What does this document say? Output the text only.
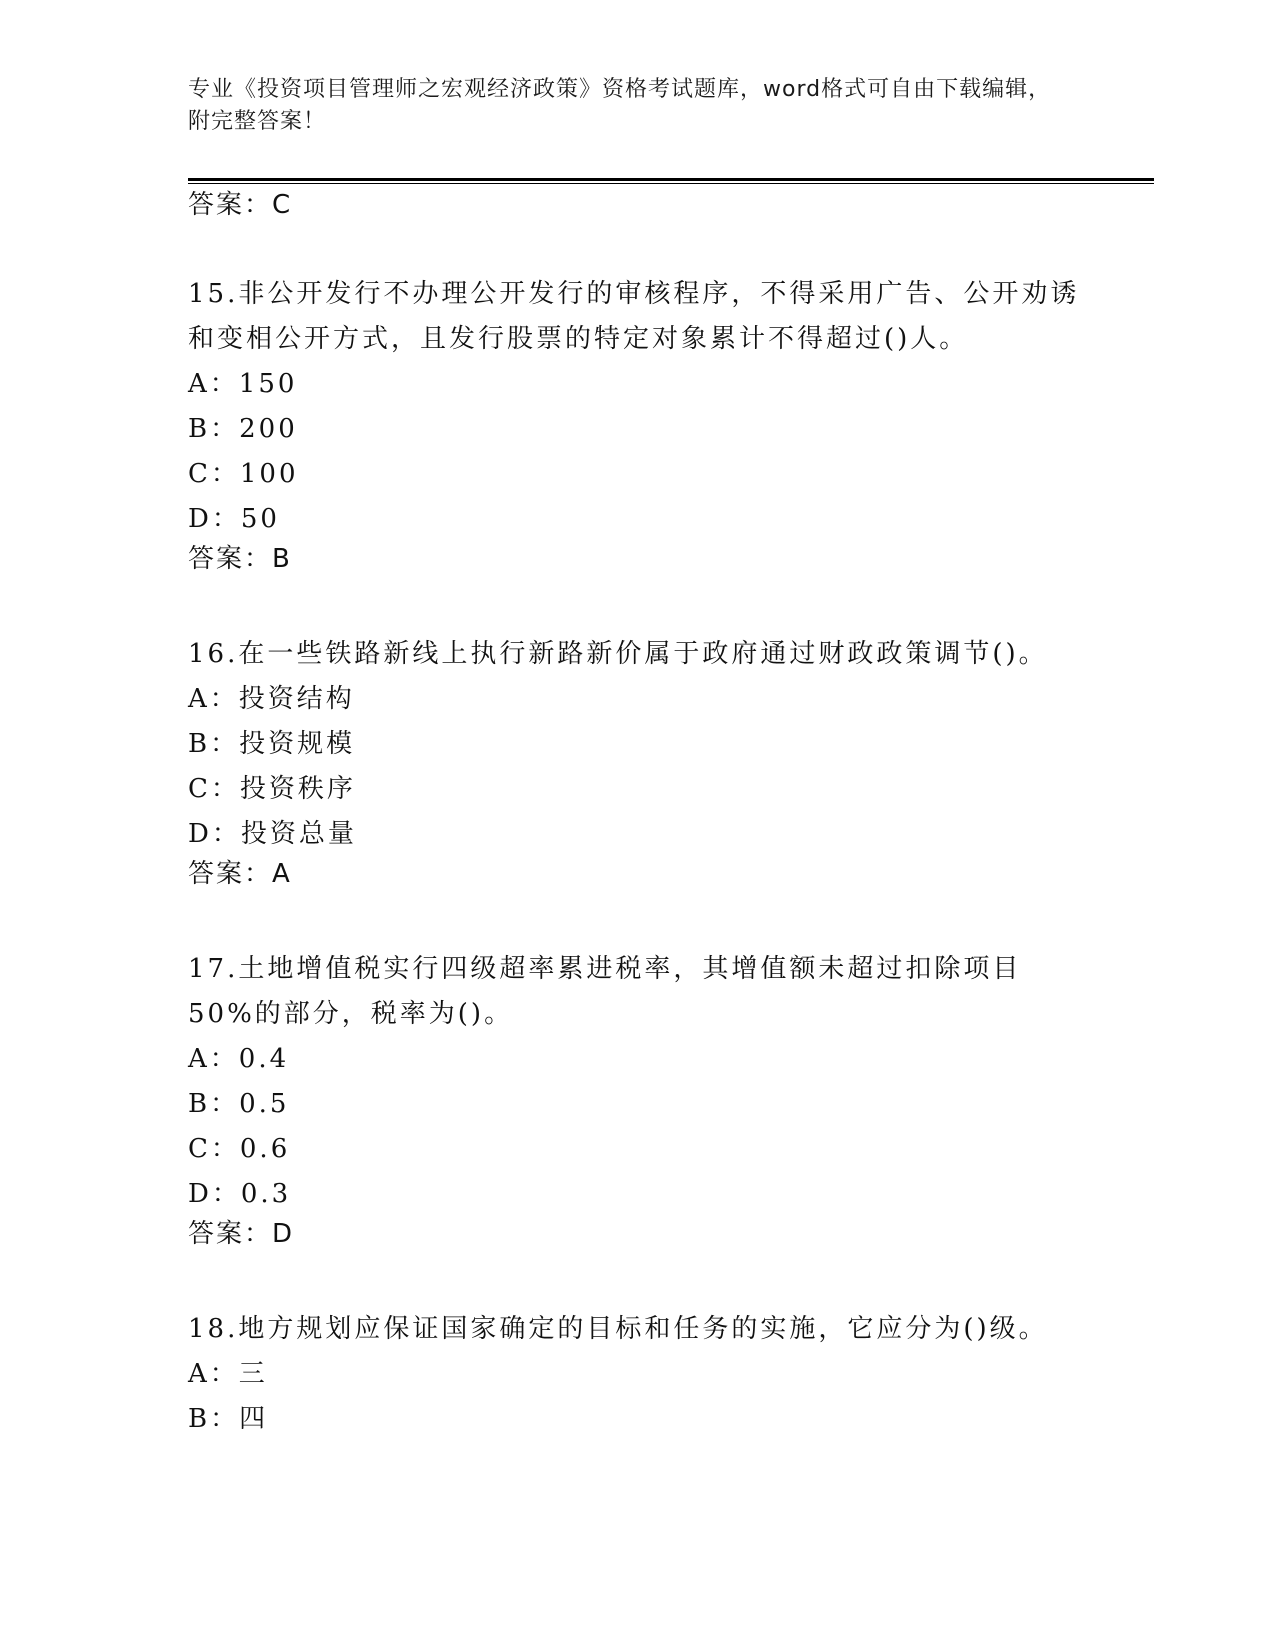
专业《投资项目管理师之宏观经济政策》资格考试题库，word格式可自由下载编辑，附完整答案！

答案：C

15.非公开发行不办理公开发行的审核程序，不得采用广告、公开劝诱和变相公开方式，且发行股票的特定对象累计不得超过()人。

A：150

B：200

C：100

D：50

答案：B

16.在一些铁路新线上执行新路新价属于政府通过财政政策调节()。

A：投资结构

B：投资规模

C：投资秩序

D：投资总量

答案：A

17.土地增值税实行四级超率累进税率，其增值额未超过扣除项目50%的部分，税率为()。

A：0.4

B：0.5

C：0.6

D：0.3

答案：D

18.地方规划应保证国家确定的目标和任务的实施，它应分为()级。

A：三

B：四
